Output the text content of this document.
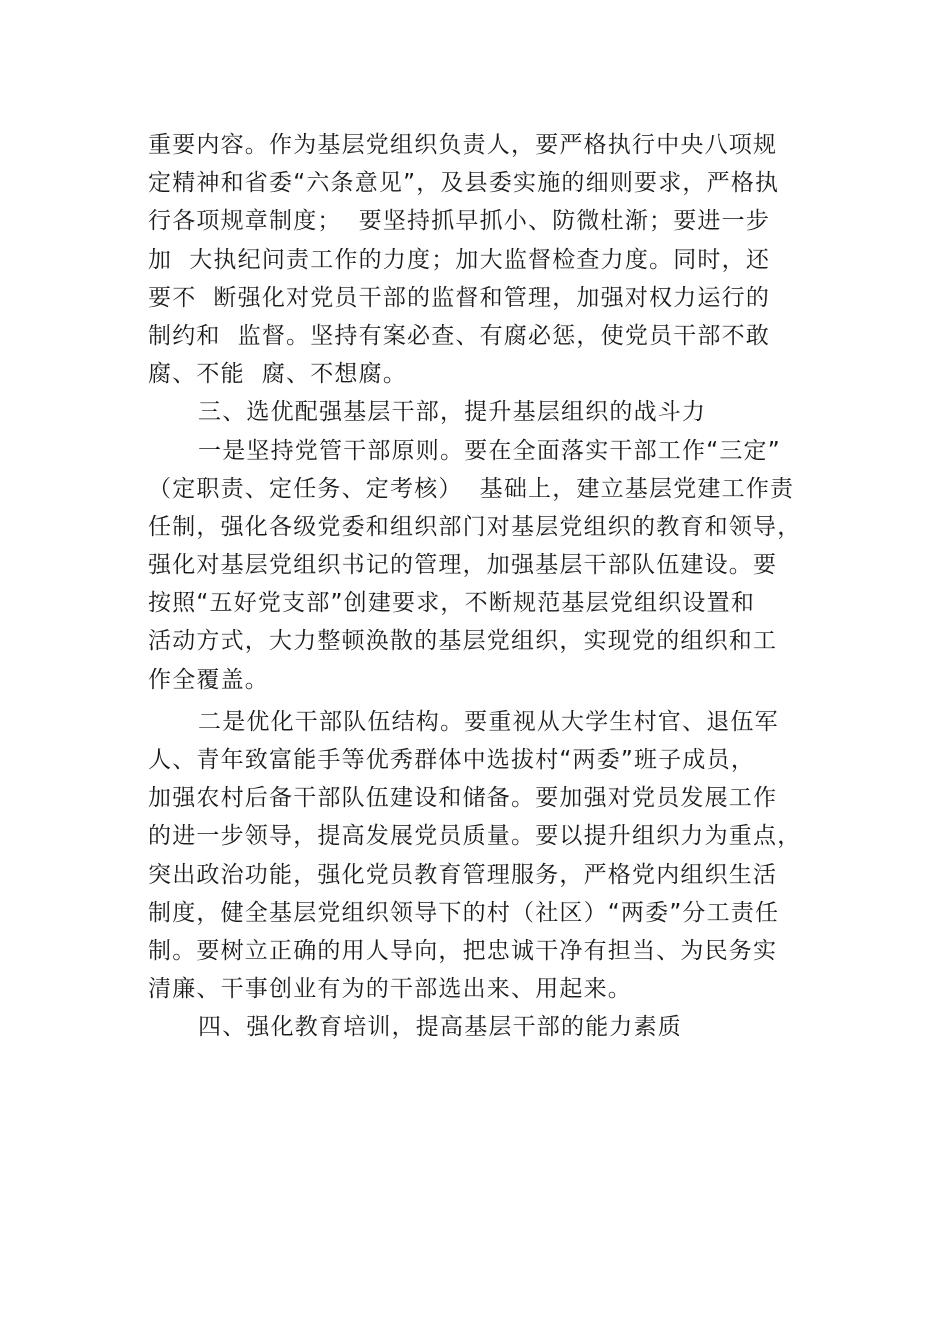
重要内容。作为基层党组织负责人，要严格执行中央八项规
定精神和省委“六条意见”，及县委实施的细则要求，严格执
行各项规章制度；  要坚持抓早抓小、防微杜渐；要进一步
加  大执纪问责工作的力度；加大监督检查力度。同时，还
要不  断强化对党员干部的监督和管理，加强对权力运行的
制约和  监督。坚持有案必查、有腐必惩，使党员干部不敢
腐、不能  腐、不想腐。
三、选优配强基层干部，提升基层组织的战斗力
一是坚持党管干部原则。要在全面落实干部工作“三定”
（定职责、定任务、定考核）  基础上，建立基层党建工作责
任制，强化各级党委和组织部门对基层党组织的教育和领导，
强化对基层党组织书记的管理，加强基层干部队伍建设。要
按照“五好党支部”创建要求，不断规范基层党组织设置和
活动方式，大力整顿涣散的基层党组织，实现党的组织和工
作全覆盖。
二是优化干部队伍结构。要重视从大学生村官、退伍军
人、青年致富能手等优秀群体中选拔村“两委”班子成员，
加强农村后备干部队伍建设和储备。要加强对党员发展工作
的进一步领导，提高发展党员质量。要以提升组织力为重点，
突出政治功能，强化党员教育管理服务，严格党内组织生活
制度，健全基层党组织领导下的村（社区）“两委”分工责任
制。要树立正确的用人导向，把忠诚干净有担当、为民务实
清廉、干事创业有为的干部选出来、用起来。
四、强化教育培训，提高基层干部的能力素质
